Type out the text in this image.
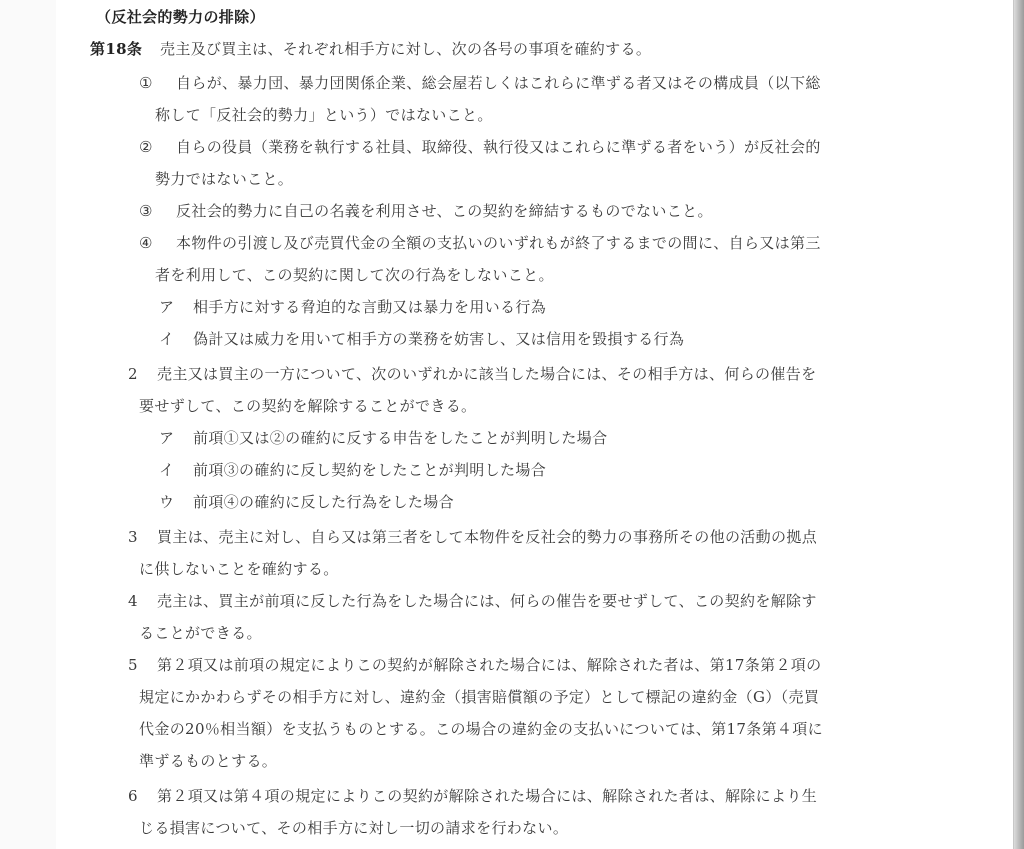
（反社会的勢力の排除）
第18条 売主及び買主は、それぞれ相手方に対し、次の各号の事項を確約する。
① 自らが、暴力団、暴力団関係企業、総会屋若しくはこれらに準ずる者又はその構成員（以下総
称して「反社会的勢力」という）ではないこと。
② 自らの役員（業務を執行する社員、取締役、執行役又はこれらに準ずる者をいう）が反社会的
勢力ではないこと。
③ 反社会的勢力に自己の名義を利用させ、この契約を締結するものでないこと。
④ 本物件の引渡し及び売買代金の全額の支払いのいずれもが終了するまでの間に、自ら又は第三
者を利用して、この契約に関して次の行為をしないこと。
ア 相手方に対する脅迫的な言動又は暴力を用いる行為
イ 偽計又は威力を用いて相手方の業務を妨害し、又は信用を毀損する行為
2 売主又は買主の一方について、次のいずれかに該当した場合には、その相手方は、何らの催告を
要せずして、この契約を解除することができる。
ア 前項①又は②の確約に反する申告をしたことが判明した場合
イ 前項③の確約に反し契約をしたことが判明した場合
ウ 前項④の確約に反した行為をした場合
3 買主は、売主に対し、自ら又は第三者をして本物件を反社会的勢力の事務所その他の活動の拠点
に供しないことを確約する。
4 売主は、買主が前項に反した行為をした場合には、何らの催告を要せずして、この契約を解除す
ることができる。
5 第２項又は前項の規定によりこの契約が解除された場合には、解除された者は、第17条第２項の
規定にかかわらずその相手方に対し、違約金（損害賠償額の予定）として標記の違約金（G）（売買
代金の20％相当額）を支払うものとする。この場合の違約金の支払いについては、第17条第４項に
準ずるものとする。
6 第２項又は第４項の規定によりこの契約が解除された場合には、解除された者は、解除により生
じる損害について、その相手方に対し一切の請求を行わない。
